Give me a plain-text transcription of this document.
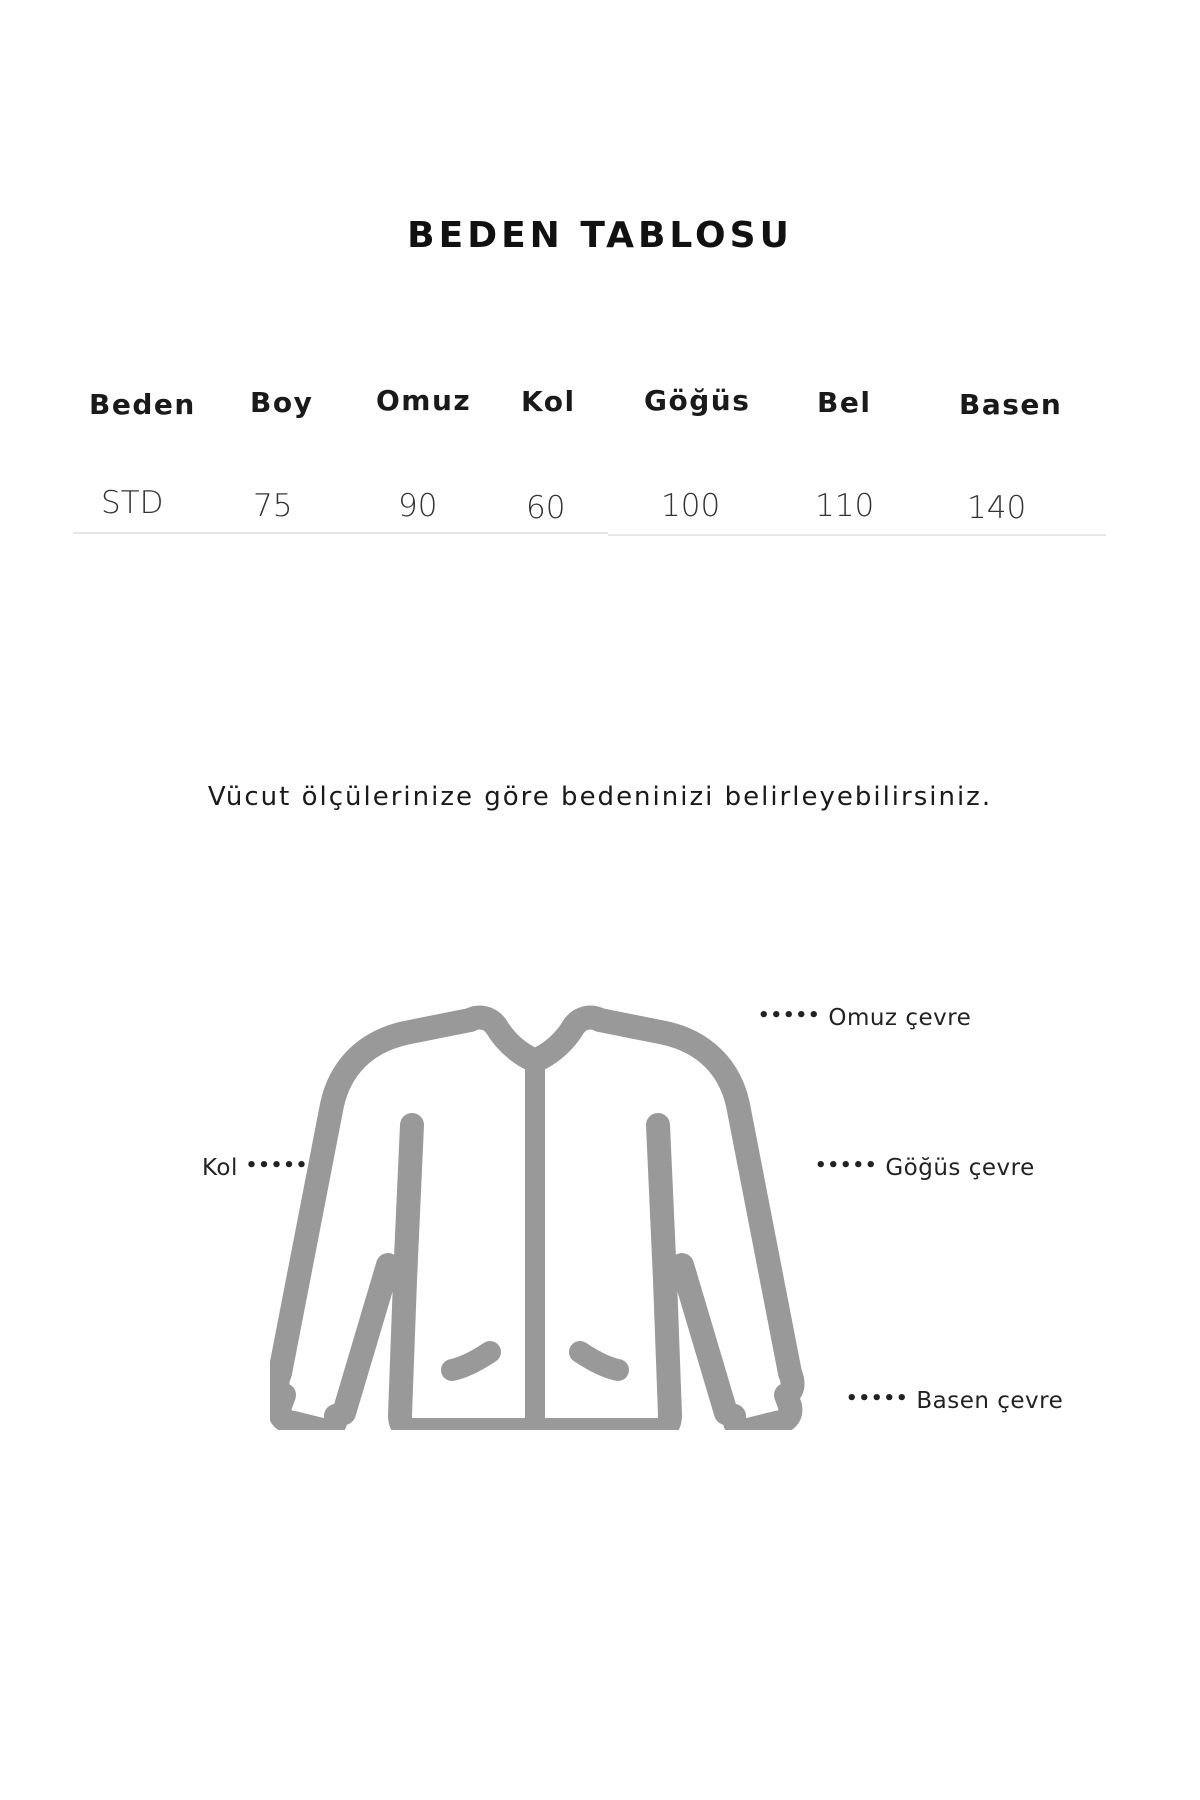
BEDEN TABLOSU
Beden Boy Omuz Kol Göğüs Bel	Basen
STD	75	90	60	100	110	140
Vücut ölçülerinize göre bedeninizi belirleyebilirsiniz.
Kol •••••
••••• Omuz çevre
••••• Göğüs çevre
••••• Basen çevre
